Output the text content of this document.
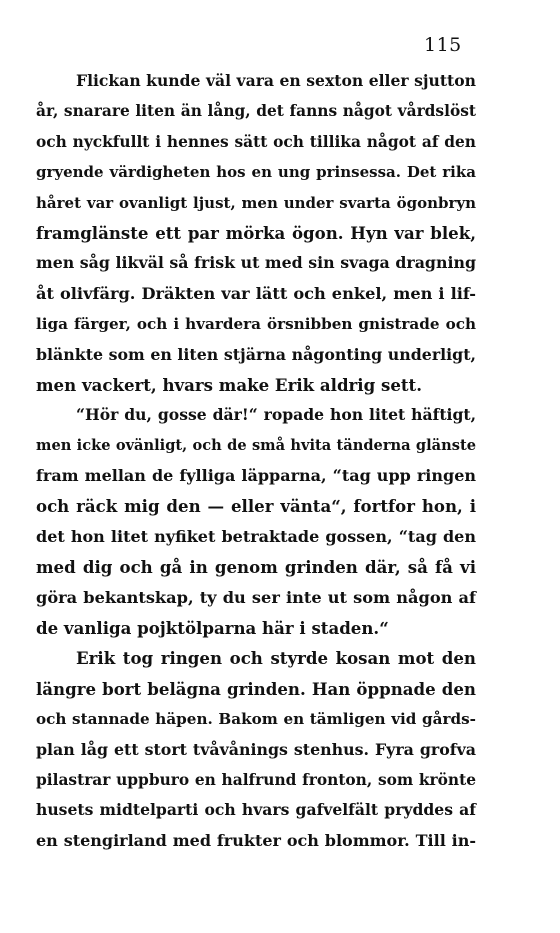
115
Flickan kunde väl vara en sexton eller sjutton
år, snarare liten än lång, det fanns något vårdslöst
och nyckfullt i hennes sätt och tillika något af den
gryende värdigheten hos en ung prinsessa. Det rika
håret var ovanligt ljust, men under svarta ögonbryn
framglänste ett par mörka ögon. Hyn var blek,
men såg likväl så frisk ut med sin svaga dragning
åt olivfärg. Dräkten var lätt och enkel, men i lif-
liga färger, och i hvardera örsnibben gnistrade och
blänkte som en liten stjärna någonting underligt,
men vackert, hvars make Erik aldrig sett.
“Hör du, gosse där!“ ropade hon litet häftigt,
men icke ovänligt, och de små hvita tänderna glänste
fram mellan de fylliga läpparna, “tag upp ringen
och räck mig den — eller vänta“, fortfor hon, i
det hon litet nyfiket betraktade gossen, “tag den
med dig och gå in genom grinden där, så få vi
göra bekantskap, ty du ser inte ut som någon af
de vanliga pojktölparna här i staden.“
Erik tog ringen och styrde kosan mot den
längre bort belägna grinden. Han öppnade den
och stannade häpen. Bakom en tämligen vid gårds-
plan låg ett stort tvåvånings stenhus. Fyra grofva
pilastrar uppburo en halfrund fronton, som krönte
husets midtelparti och hvars gafvelfält pryddes af
en stengirland med frukter och blommor. Till in-
